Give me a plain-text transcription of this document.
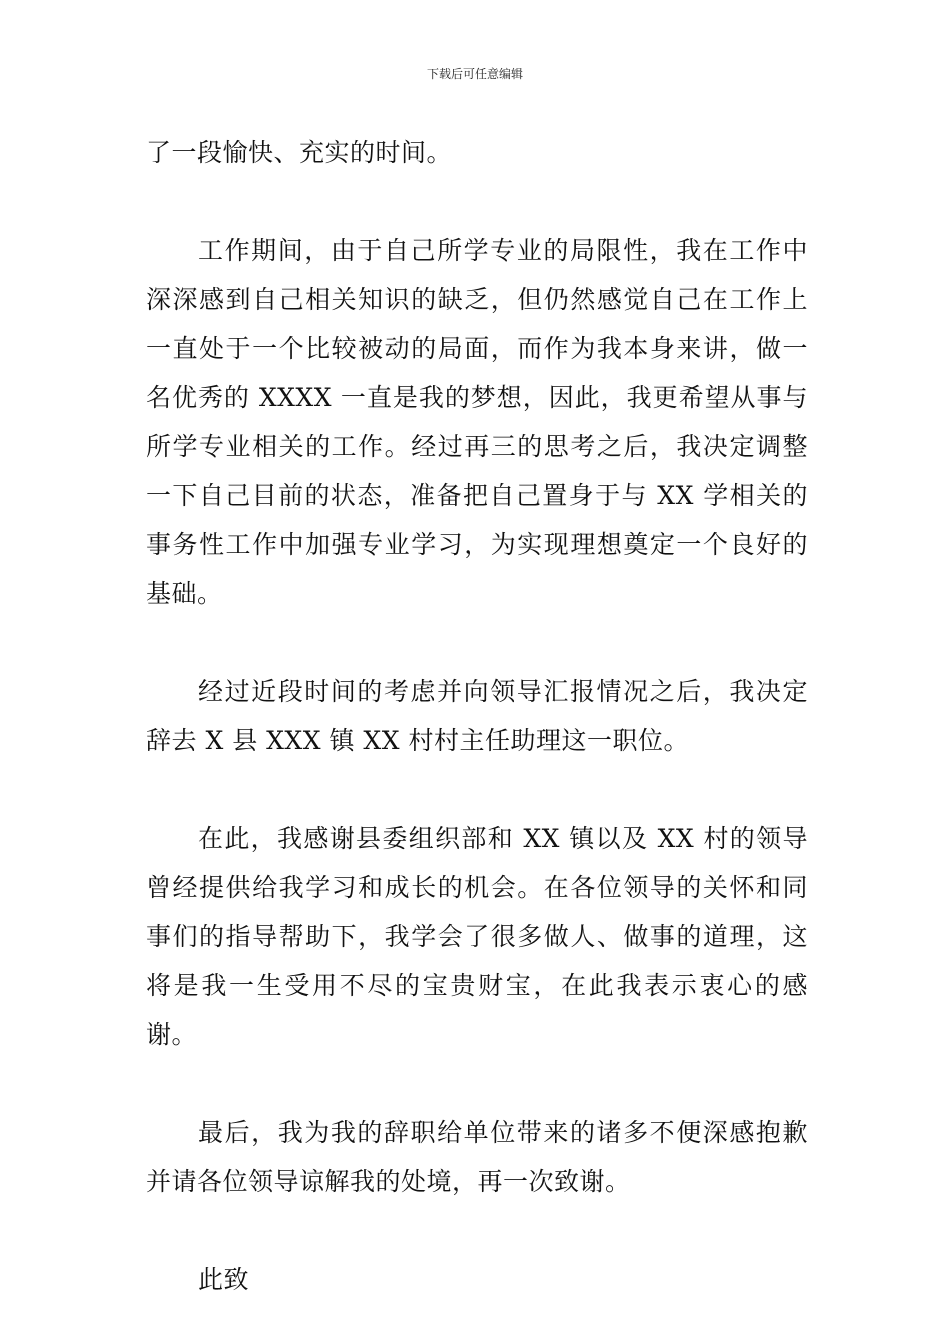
下载后可任意编辑

了一段愉快、充实的时间。

工作期间，由于自己所学专业的局限性，我在工作中深深感到自己相关知识的缺乏，但仍然感觉自己在工作上一直处于一个比较被动的局面，而作为我本身来讲，做一名优秀的 XXXX 一直是我的梦想，因此，我更希望从事与所学专业相关的工作。经过再三的思考之后，我决定调整一下自己目前的状态，准备把自己置身于与 XX 学相关的事务性工作中加强专业学习，为实现理想奠定一个良好的基础。

经过近段时间的考虑并向领导汇报情况之后，我决定辞去 X 县 XXX 镇 XX 村村主任助理这一职位。

在此，我感谢县委组织部和 XX 镇以及 XX 村的领导曾经提供给我学习和成长的机会。在各位领导的关怀和同事们的指导帮助下，我学会了很多做人、做事的道理，这将是我一生受用不尽的宝贵财宝，在此我表示衷心的感谢。

最后，我为我的辞职给单位带来的诸多不便深感抱歉并请各位领导谅解我的处境，再一次致谢。

此致
